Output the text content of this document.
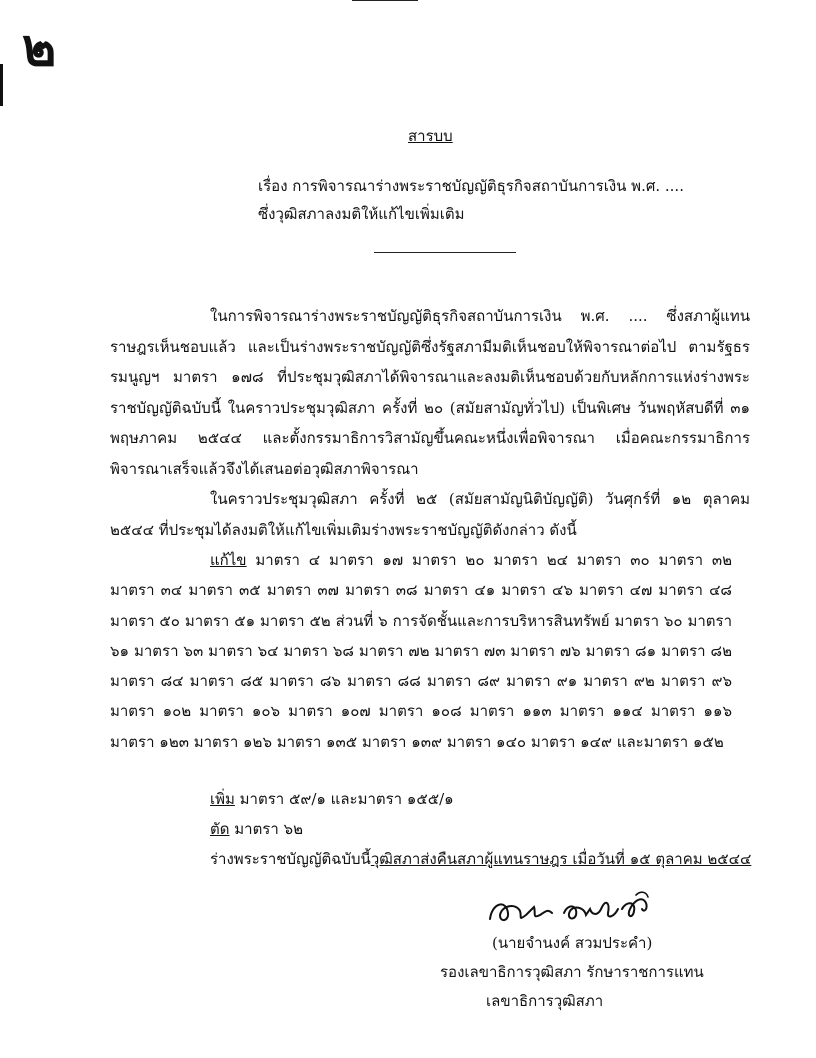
๒
สารบบ
เรื่อง การพิจารณาร่างพระราชบัญญัติธุรกิจสถาบันการเงิน พ.ศ. ....
ซึ่งวุฒิสภาลงมติให้แก้ไขเพิ่มเติม
ในการพิจารณาร่างพระราชบัญญัติธุรกิจสถาบันการเงิน พ.ศ. .... ซึ่งสภาผู้แทนราษฎรเห็นชอบแล้ว และเป็นร่างพระราชบัญญัติซึ่งรัฐสภามีมติเห็นชอบให้พิจารณาต่อไป ตามรัฐธรรมนูญฯ มาตรา ๑๗๘ ที่ประชุมวุฒิสภาได้พิจารณาและลงมติเห็นชอบด้วยกับหลักการแห่งร่างพระราชบัญญัติฉบับนี้ ในคราวประชุมวุฒิสภา ครั้งที่ ๒๐ (สมัยสามัญทั่วไป) เป็นพิเศษ วันพฤหัสบดีที่ ๓๑ พฤษภาคม ๒๕๔๔ และตั้งกรรมาธิการวิสามัญขึ้นคณะหนึ่งเพื่อพิจารณา เมื่อคณะกรรมาธิการพิจารณาเสร็จแล้วจึงได้เสนอต่อวุฒิสภาพิจารณา
ในคราวประชุมวุฒิสภา ครั้งที่ ๒๕ (สมัยสามัญนิติบัญญัติ) วันศุกร์ที่ ๑๒ ตุลาคม ๒๕๔๔ ที่ประชุมได้ลงมติให้แก้ไขเพิ่มเติมร่างพระราชบัญญัติดังกล่าว ดังนี้
แก้ไข มาตรา ๔ มาตรา ๑๗ มาตรา ๒๐ มาตรา ๒๔ มาตรา ๓๐ มาตรา ๓๒ มาตรา ๓๔ มาตรา ๓๕ มาตรา ๓๗ มาตรา ๓๘ มาตรา ๔๑ มาตรา ๔๖ มาตรา ๔๗ มาตรา ๔๘ มาตรา ๕๐ มาตรา ๕๑ มาตรา ๕๒ ส่วนที่ ๖ การจัดชั้นและการบริหารสินทรัพย์ มาตรา ๖๐ มาตรา ๖๑ มาตรา ๖๓ มาตรา ๖๔ มาตรา ๖๘ มาตรา ๗๒ มาตรา ๗๓ มาตรา ๗๖ มาตรา ๘๑ มาตรา ๘๒ มาตรา ๘๔ มาตรา ๘๕ มาตรา ๘๖ มาตรา ๘๘ มาตรา ๘๙ มาตรา ๙๑ มาตรา ๙๒ มาตรา ๙๖ มาตรา ๑๐๒ มาตรา ๑๐๖ มาตรา ๑๐๗ มาตรา ๑๐๘ มาตรา ๑๑๓ มาตรา ๑๑๔ มาตรา ๑๑๖ มาตรา ๑๒๓ มาตรา ๑๒๖ มาตรา ๑๓๕ มาตรา ๑๓๙ มาตรา ๑๔๐ มาตรา ๑๔๙ และมาตรา ๑๕๒
เพิ่ม มาตรา ๕๙/๑ และมาตรา ๑๕๕/๑
ตัด มาตรา ๖๒
ร่างพระราชบัญญัติฉบับนี้วุฒิสภาส่งคืนสภาผู้แทนราษฎร เมื่อวันที่ ๑๕ ตุลาคม ๒๕๔๔
(นายจำนงค์ สวมประคำ)
รองเลขาธิการวุฒิสภา รักษาราชการแทน
เลขาธิการวุฒิสภา
